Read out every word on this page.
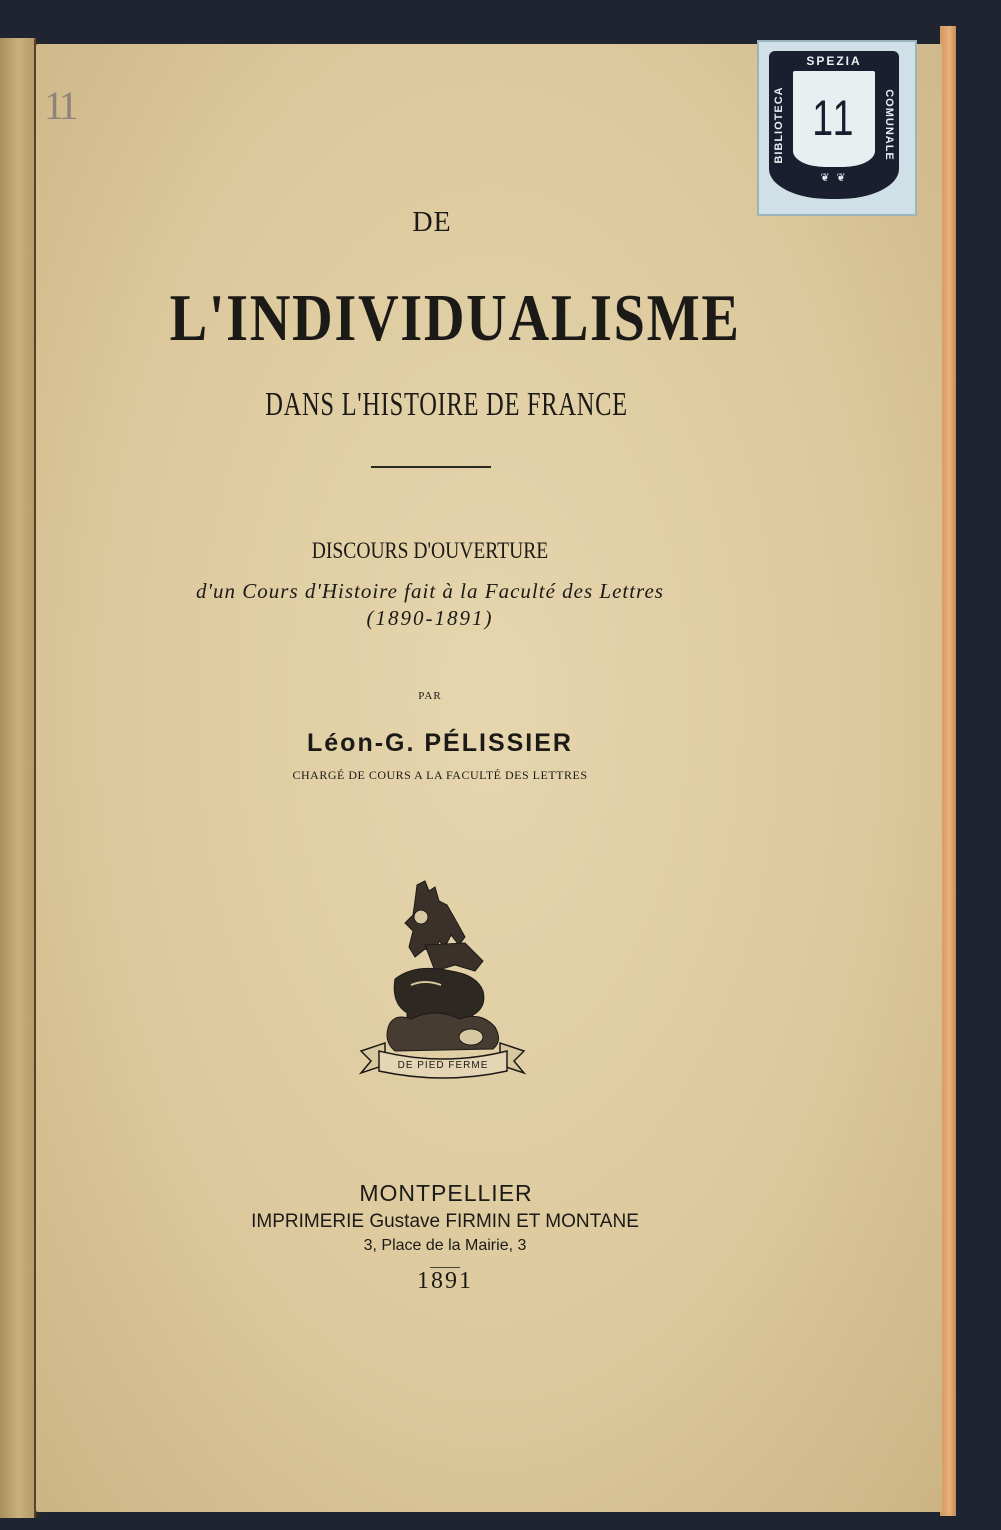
11
SPEZIA
BIBLIOTECA	COMUNALE
11
❦ ❦
DE
L'INDIVIDUALISME
DANS L'HISTOIRE DE FRANCE
DISCOURS D'OUVERTURE
d'un Cours d'Histoire fait à la Faculté des Lettres
(1890-1891)
PAR
Léon-G. PÉLISSIER
CHARGÉ DE COURS A LA FACULTÉ DES LETTRES
DE PIED FERME
MONTPELLIER
IMPRIMERIE Gustave FIRMIN ET MONTANE
3, Place de la Mairie, 3
1891
